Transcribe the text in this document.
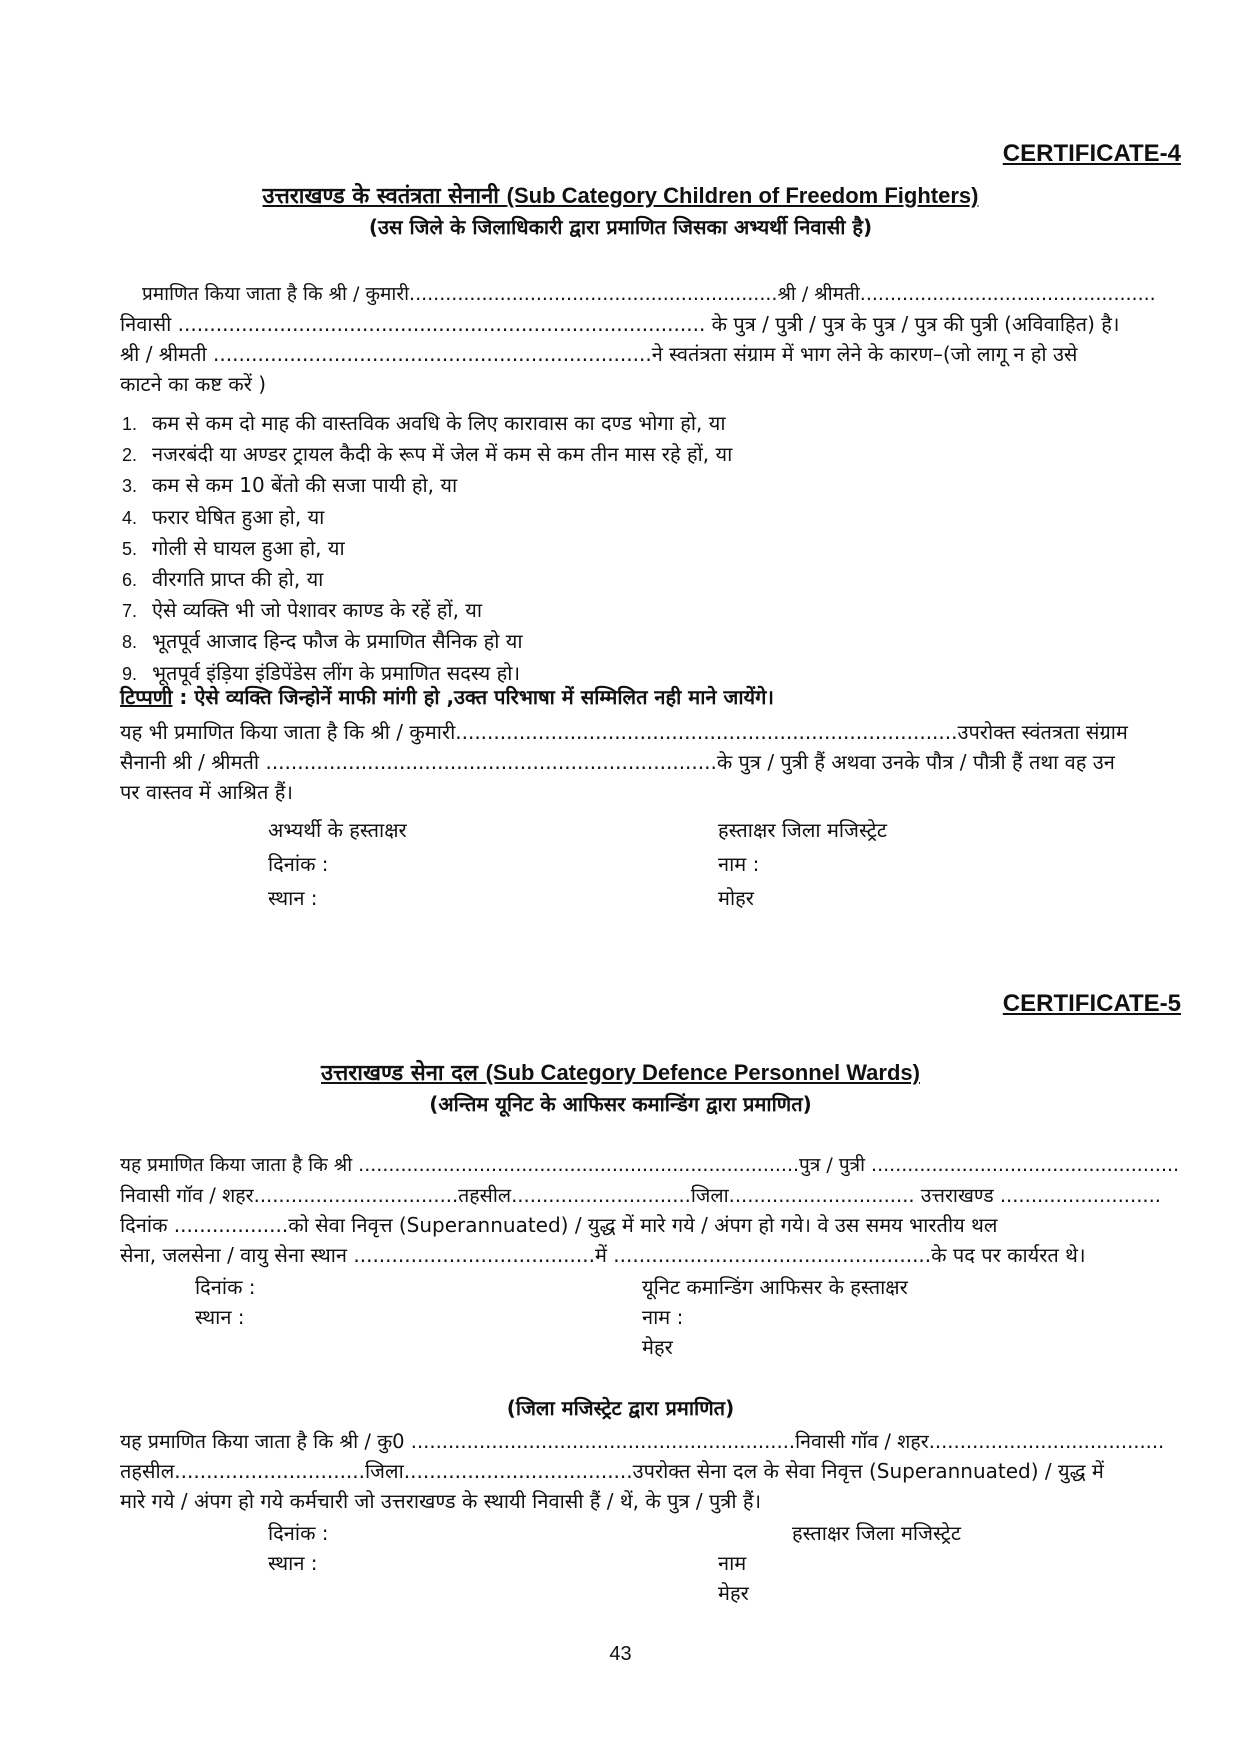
CERTIFICATE-4
उत्तराखण्ड के स्वतंत्रता सेनानी (Sub Category Children of Freedom Fighters)
(उस जिले के जिलाधिकारी द्वारा प्रमाणित जिसका अभ्यर्थी निवासी है)
प्रमाणित किया जाता है कि श्री / कुमारी.............................................................श्री / श्रीमती.................................................
निवासी ................................................................................... के पुत्र / पुत्री / पुत्र के पुत्र / पुत्र की पुत्री (अविवाहित) है।
श्री / श्रीमती .....................................................................ने स्वतंत्रता संग्राम में भाग लेने के कारण–(जो लागू न हो उसे
काटने का कष्ट करें )
1. कम से कम दो माह की वास्तविक अवधि के लिए कारावास का दण्ड भोगा हो, या
2. नजरबंदी या अण्डर ट्रायल कैदी के रूप में जेल में कम से कम तीन मास रहे हों, या
3. कम से कम 10 बेंतो की सजा पायी हो, या
4. फरार घेषित हुआ हो, या
5. गोली से घायल हुआ हो, या
6. वीरगति प्राप्त की हो, या
7. ऐसे व्यक्ति भी जो पेशावर काण्ड के रहें हों, या
8. भूतपूर्व आजाद हिन्द फौज के प्रमाणित सैनिक हो या
9. भूतपूर्व इंड़िया इंडिपेंडेस लींग के प्रमाणित सदस्य हो।
टिप्पणी : ऐसे व्यक्ति जिन्होनें माफी मांगी हो ,उक्त परिभाषा में सम्मिलित नही माने जायेंगे।
यह भी प्रमाणित किया जाता है कि श्री / कुमारी...............................................................................उपरोक्त स्वंतत्रता संग्राम
सैनानी श्री / श्रीमती .......................................................................के पुत्र / पुत्री हैं अथवा उनके पौत्र / पौत्री हैं तथा वह उन
पर वास्तव में आश्रित हैं।
अभ्यर्थी के हस्ताक्षर
दिनांक :
स्थान :
हस्ताक्षर जिला मजिस्ट्रेट
नाम :
मोहर
CERTIFICATE-5
उत्तराखण्ड सेना दल (Sub Category Defence Personnel Wards)
(अन्तिम यूनिट के आफिसर कमान्डिंग द्वारा प्रमाणित)
यह प्रमाणित किया जाता है कि श्री .........................................................................पुत्र / पुत्री ...................................................
निवासी गॉव / शहर.................................तहसील.............................जिला.............................. उत्तराखण्ड ..........................
दिनांक ..................को सेवा निवृत्त (Superannuated) / युद्ध में मारे गये / अंपग हो गये। वे उस समय भारतीय थल
सेना, जलसेना / वायु सेना स्थान ......................................में ..................................................के पद पर कार्यरत थे।
दिनांक :
स्थान :
यूनिट कमान्डिंग आफिसर के हस्ताक्षर
नाम :
मेहर
(जिला मजिस्ट्रेट द्वारा प्रमाणित)
यह प्रमाणित किया जाता है कि श्री / कु0 ..............................................................निवासी गॉव / शहर......................................
तहसील..............................जिला....................................उपरोक्त सेना दल के सेवा निवृत्त (Superannuated) / युद्ध में
मारे गये / अंपग हो गये कर्मचारी जो उत्तराखण्ड के स्थायी निवासी हैं / थें, के पुत्र / पुत्री हैं।
दिनांक :
स्थान :
हस्ताक्षर जिला मजिस्ट्रेट
नाम
मेहर
43
